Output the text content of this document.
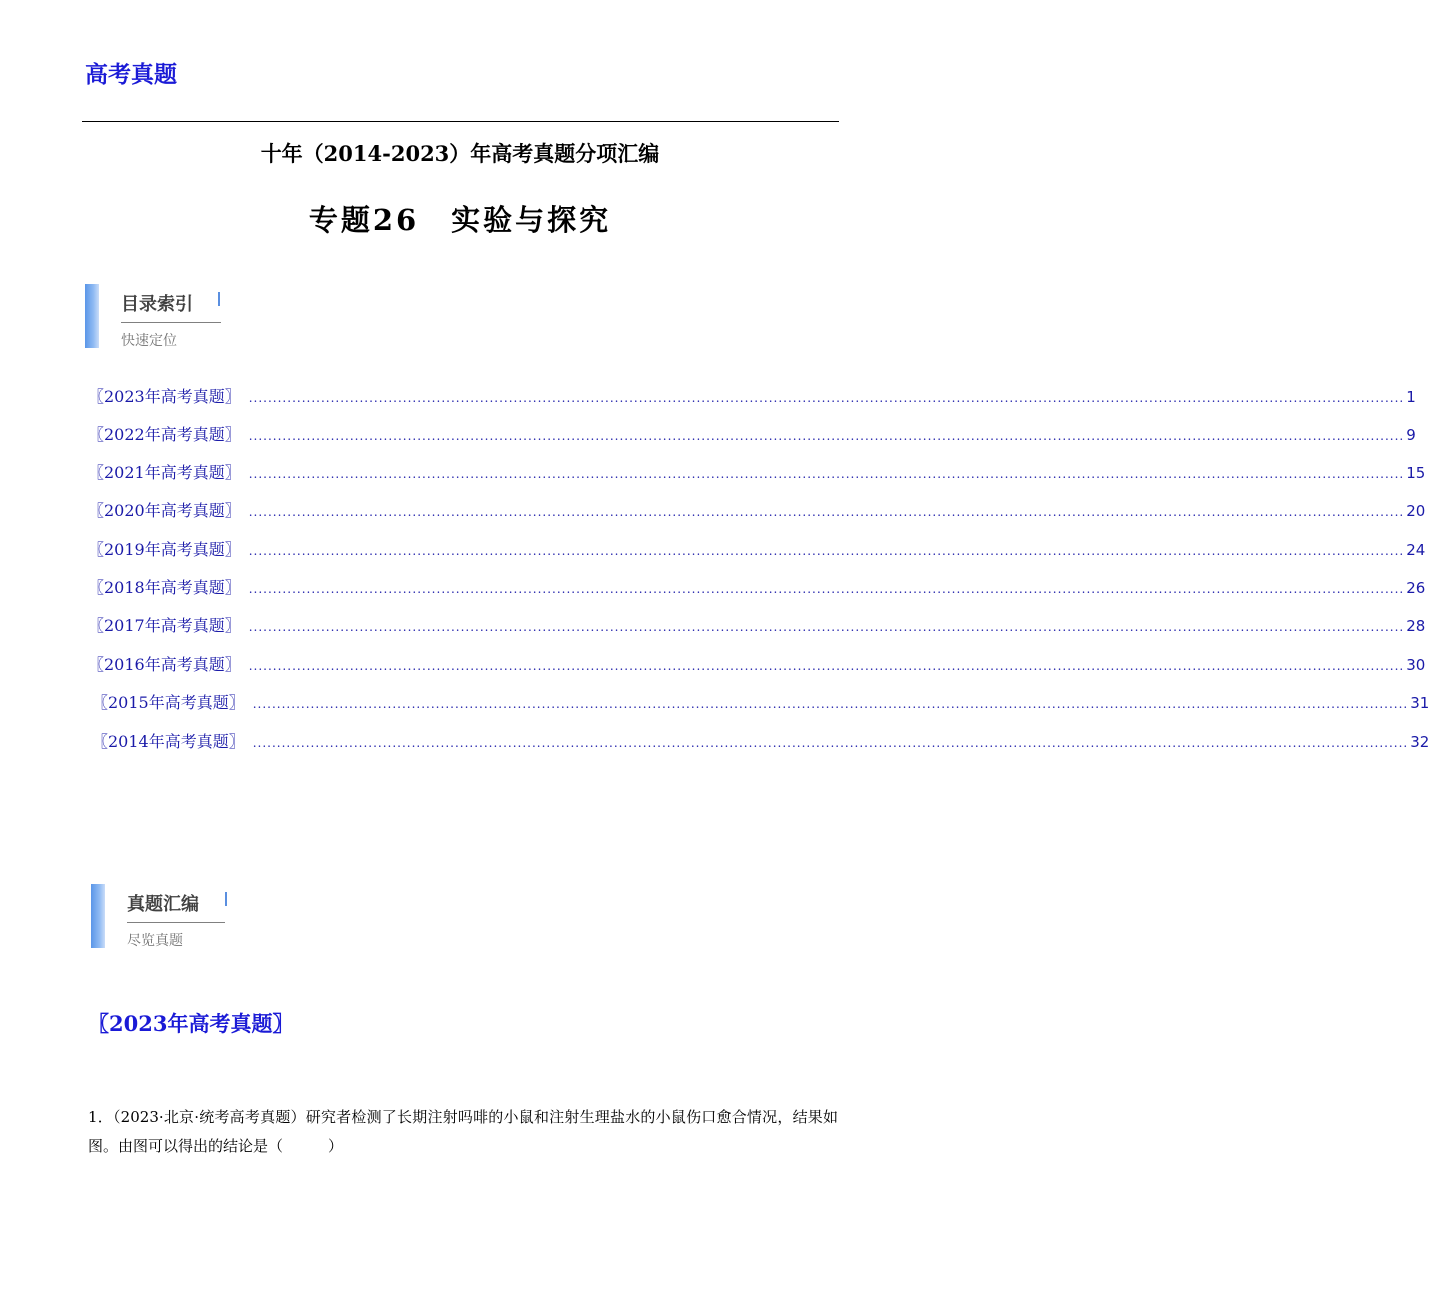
高考真题
十年（2014-2023）年高考真题分项汇编
专题26　实验与探究
目录索引
快速定位
〖2023年高考真题〗 ................................................................................................................................................................................................................................................ 1
〖2022年高考真题〗 ................................................................................................................................................................................................................................................ 9
〖2021年高考真题〗 ................................................................................................................................................................................................................................................ 15
〖2020年高考真题〗 ................................................................................................................................................................................................................................................ 20
〖2019年高考真题〗 ................................................................................................................................................................................................................................................ 24
〖2018年高考真题〗 ................................................................................................................................................................................................................................................ 26
〖2017年高考真题〗 ................................................................................................................................................................................................................................................ 28
〖2016年高考真题〗 ................................................................................................................................................................................................................................................ 30
〖2015年高考真题〗 ................................................................................................................................................................................................................................................ 31
〖2014年高考真题〗 ................................................................................................................................................................................................................................................ 32
真题汇编
尽览真题
〖2023年高考真题〗
1．（2023·北京·统考高考真题）研究者检测了长期注射吗啡的小鼠和注射生理盐水的小鼠伤口愈合情况，结果如图。由图可以得出的结论是（　　　）
